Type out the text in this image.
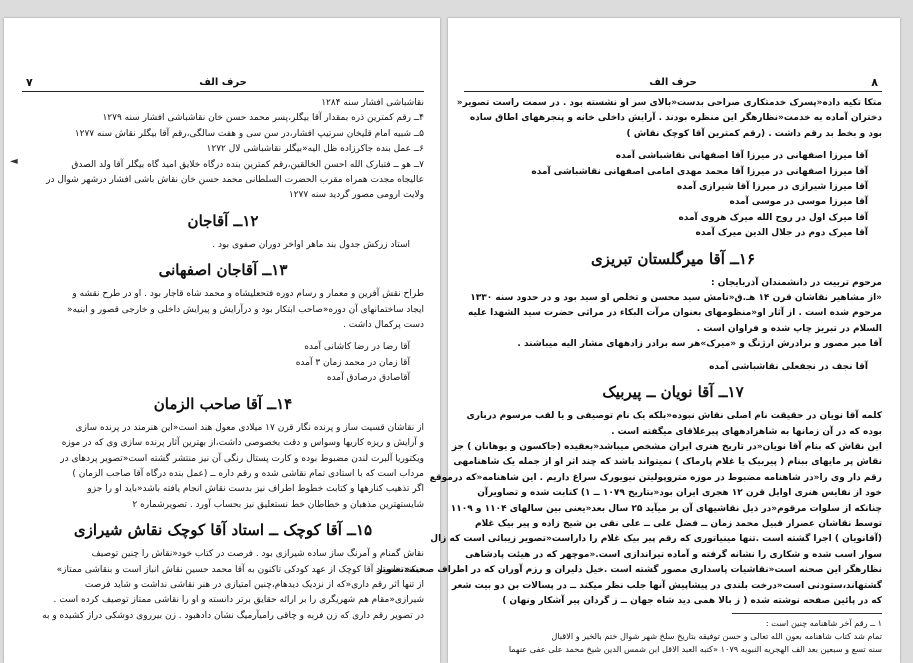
◄
حرف الف
۷
نقاشباشی افشار سنه ۱۲۸۴
۴ــ رقم کمترین ذره بمقدار آقا بیگلر،پسر محمد حسن خان نقاشباشی افشار سنه ۱۲۷۹
۵ــ شبیه امام قلیخان سرتیپ افشار،در سن سی و هفت سالگی،رقم آقا بیگلر نقاش سنه ۱۲۷۷
۶ــ عمل بنده جاکرزاده ظل الیه«بیگلر نقاشباشی لال ۱۲۷۲
۷ــ هو ــ فتبارک الله احسن الخالقین،رقم کمترین بنده درگاه خلایق امید گاه بیگلر آقا ولد الصدق
عالیجاه مجدت همراه مقرب الحضرت السلطانی محمد حسن خان نقاش باشی افشار درشهر شوال در
ولایت ارومی مصور گردید سنه ۱۲۷۷
۱۲ــ آقاجان
استاد زرکش جدول بند ماهر اواخر دوران صفوی بود .
۱۳ــ آقاجان اصفهانی
طراح نقش آفرین و معمار و رسام دوره فتحعلیشاه و محمد شاه قاجار بود . او در طرح نقشه و
ایجاد ساختمانهای آن دوره«صاحب ابتکار بود و درآرایش و پیرایش داخلی و خارجی قصور و ابنیه«
دست پرکمال داشت .
آقا رضا در رضا کاشانی آمده
آقا زمان در محمد زمان ۳ آمده
آقاصادق درصادق آمده
۱۴ــ آقا صاحب الزمان
از نقاشان قسیت ساز و پرنده نگار قرن ۱۷ میلادی معول هند است«این هنرمند در پرنده سازی
و آرایش و ریزه کاریها وسواس و دقت بخصوصی داشت،از بهترین آثار پرنده سازی وی که در موزه
ویکتوریا آلبرت لندن مضبوط بوده و کارت پستال رنگی آن نیز منتشر گشته است«تصویر پردهای در
مرداب است که با استادی تمام نقاشی شده و رقم داره ــ (عمل بنده درگاه آقا صاحب الزمان )
اگر تذهیب کنارهها و کتابت خطوط اطراف نیز بدست نقاش انجام یافته باشد«باید او را جزو
شایستهترین مذهبان و خطاطان خط نستعلیق نیز بحساب آورد . تصویرشماره ۲
۱۵ــ آقا کوچک ــ استاد آقا کوچک نقاش شیرازی
نقاش گمنام و آمرنگ ساز ساده شیرازی بود . فرصت در کتاب خود«نقاش را چنین توصیف
میکند «استاد آقا کوچک از عهد کودکی تاکنون به آقا محمد حسین نقاش انباز است و بنقاشی ممتاز»
از تنها اثر رقم داری«که از نزدیک دیدهام،چنین امتیازی در هنر نقاشی نداشت و شاید فرصت
شیرازی«مقام هم شهریگری را بر ارائه حقایق برتر دانسته و او را نقاشی ممتاز توصیف کرده است .
در تصویر رقم داری که زن فربه و چاقی رامیآرمیگ نشان دادهبود . زن بیرروی دوشکی دراز کشیده و به
حرف الف	۸
متکا تکیه داده«پسرک خدمتکاری صراحی بدست«بالای سر او نشسته بود . در سمت راست تصویر«
دختران آماده به خدمت«نظارهگر این منظره بودند . آرایش داخلی خانه و پنجرههای اطاق ساده
بود و بخط بد رقم داشت . (رقم کمترین آقا کوچک نقاش )
آقا میرزا اصفهانی در میرزا آقا اصفهانی نقاشباشی آمده
آقا میرزا اصفهانی در میرزا آقا محمد مهدی امامی اصفهانی نقاشباشی آمده
آقا میرزا شیرازی در میرزا آقا شیرازی آمده
آقا میرزا موسی در موسی آمده
آقا میرک اول در روح الله میرک هروی آمده
آقا میرک دوم در جلال الدین میرک آمده
۱۶ــ آقا میرگلستان تبریزی
مرحوم تربیت در دانشمندان آذربایجان :
«از مشاهیر نقاشان قرن ۱۴ هـ.ق«نامش سید محسن و تخلص او سید بود و در حدود سنه ۱۳۳۰
مرحوم شده است . از آثار او«منظومهای بعنوان مرآت البکاء در مراثی حضرت سید الشهدا علیه
السلام در تبریز چاپ شده و فراوان است .
آقا میر مصور و برادرش ارژنگ و «میرک»هر سه برادر زادههای مشار الیه میباشند .
آقا نجف در نجفعلی نقاشباشی آمده
۱۷ــ آقا نویان ــ پیربیک
کلمه آقا نویان در حقیقت نام اصلی نقاش نبوده«بلکه یک نام توصیفی و یا لقب مرسوم درباری
بوده که در آن زمانها به شاهزادههای پیرعلاقای میگفته است .
این نقاش که بنام آقا نویان«در تاریخ هنری ایران مشخص میباشد«بعقیده (جاکسون و یوهانان ) جز
نقاش پر مایهای ببنام ( پیربیک یا غلام پارماک ) نمیتواند باشد که چند اثر او از جمله یک شاهنامهی
رقم دار وی را«در شاهنامه مضبوط در موزه متروپولیتن نیویورک سراغ داریم . این شاهنامه«که درموقع
خود از نفایس هنری اوایل قرن ۱۲ هجری ایران بود«بتاریخ ۱۰۷۹ ــ ۱) کتابت شده و تصاویرآن
چنانکه از سلوات مرقوم«در ذیل نقاشیهای آن بر میآید ۲۵ سال بعد«یعنی بین سالهای ۱۱۰۴ و ۱۱۰۹
توسط نقاشان عصرار قبیل محمد زمان ــ فضل علی ــ علی نقی بن شیخ زاده و پیر بیک غلام
(آقانویان ) اجرا گشته است .تنها مینیاتوری که رقم پیر بیک غلام را داراست«تصویر زیبائی است که زال
سوار اسب شده و شکاری را نشانه گرفته و آماده تیراندازی است.«موچهر که در هیئت پادشاهی
نظارهگر این صحنه است«نقاشیات پاسداری مصور گشته است .خیل دلیران و رزم آوران که در اطراف صحنه«تصویر
گشتهاند،ستودنی است«درخت بلندی در پیشاپیش آنها جلب نظر میکند ــ در پسالات بن دو بیت شعر
که در پائین صفحه نوشته شده ( ز بالا همی دید شاه جهان ــ ز گردان پیر آشکار ونهان )
۱ ــ رقم آخر شاهنامه چنین است :
تمام شد کتاب شاهنامه بعون الله تعالی و حسن توفیقه بتاریخ سلخ شهر شوال ختم بالخیر و الاقبال
سنه تسع و سبعین بعد الف الهجریه النبویه ۱۰۷۹ «کتبه العبد الاقل ابن شمس الدین شیخ محمد علی عفی عنهما
